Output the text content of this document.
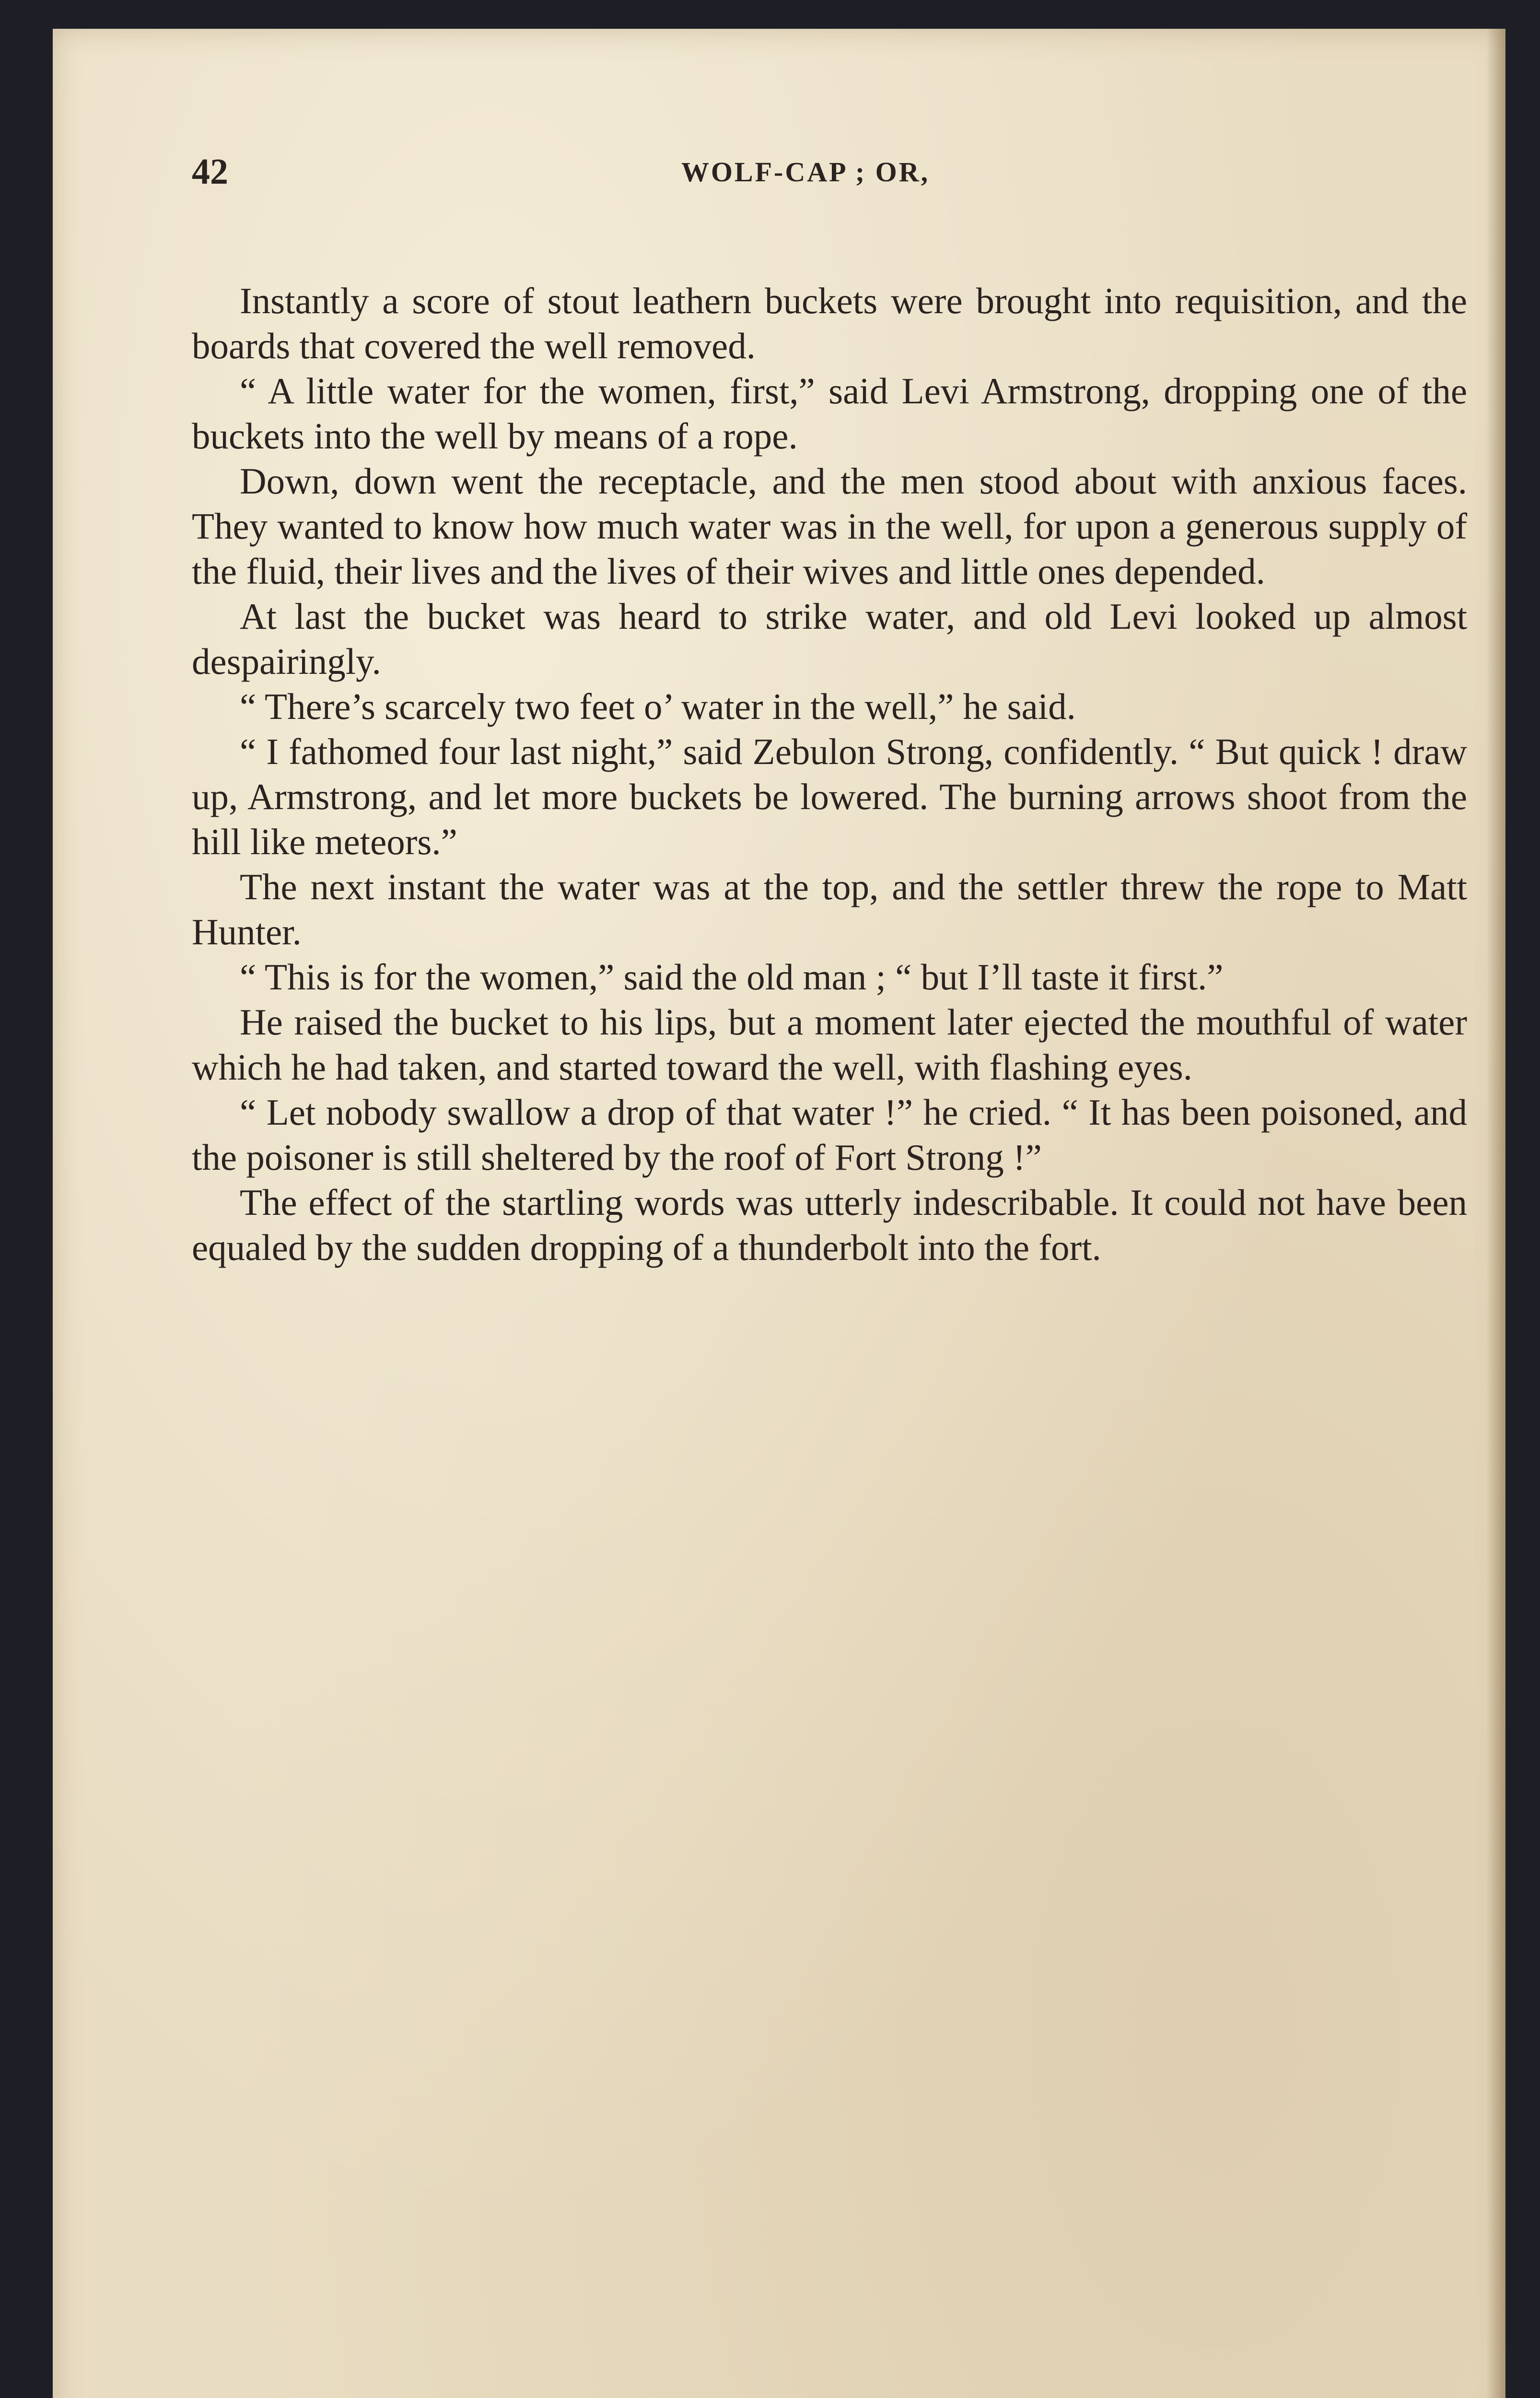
42	WOLF-CAP ; OR,

Instantly a score of stout leathern buckets were brought into requisition, and the boards that covered the well removed.

“ A little water for the women, first,” said Levi Armstrong, dropping one of the buckets into the well by means of a rope.

Down, down went the receptacle, and the men stood about with anxious faces. They wanted to know how much water was in the well, for upon a generous supply of the fluid, their lives and the lives of their wives and little ones depended.

At last the bucket was heard to strike water, and old Levi looked up almost despairingly.

“ There’s scarcely two feet o’ water in the well,” he said.

“ I fathomed four last night,” said Zebulon Strong, confidently. “ But quick ! draw up, Armstrong, and let more buckets be lowered. The burning arrows shoot from the hill like meteors.”

The next instant the water was at the top, and the settler threw the rope to Matt Hunter.

“ This is for the women,” said the old man ; “ but I’ll taste it first.”

He raised the bucket to his lips, but a moment later ejected the mouthful of water which he had taken, and started toward the well, with flashing eyes.

“ Let nobody swallow a drop of that water !” he cried. “ It has been poisoned, and the poisoner is still sheltered by the roof of Fort Strong !”

The effect of the startling words was utterly indescribable. It could not have been equaled by the sudden dropping of a thunderbolt into the fort.
